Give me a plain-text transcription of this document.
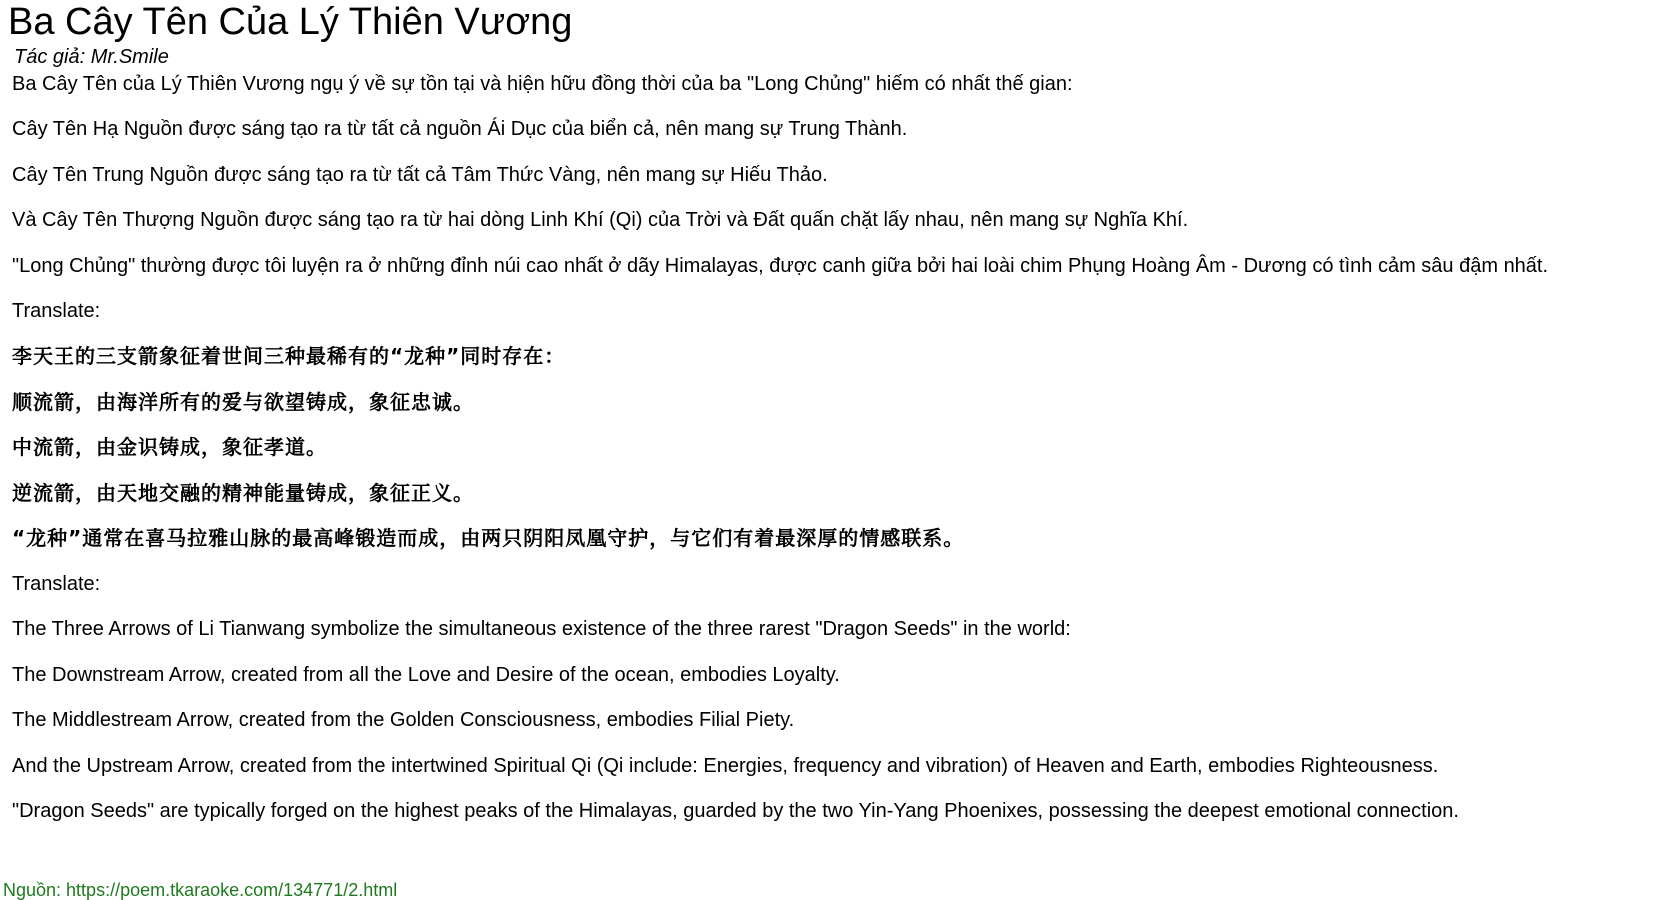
Ba Cây Tên Của Lý Thiên Vương
Tác giả: Mr.Smile

Ba Cây Tên của Lý Thiên Vương ngụ ý về sự tồn tại và hiện hữu đồng thời của ba "Long Chủng" hiếm có nhất thế gian:

Cây Tên Hạ Nguồn được sáng tạo ra từ tất cả nguồn Ái Dục của biển cả, nên mang sự Trung Thành.

Cây Tên Trung Nguồn được sáng tạo ra từ tất cả Tâm Thức Vàng, nên mang sự Hiếu Thảo.

Và Cây Tên Thượng Nguồn được sáng tạo ra từ hai dòng Linh Khí (Qi) của Trời và Đất quấn chặt lấy nhau, nên mang sự Nghĩa Khí.

"Long Chủng" thường được tôi luyện ra ở những đỉnh núi cao nhất ở dãy Himalayas, được canh giữa bởi hai loài chim Phụng Hoàng Âm - Dương có tình cảm sâu đậm nhất.

Translate:

李天王的三支箭象征着世间三种最稀有的“龙种”同时存在：

顺流箭，由海洋所有的爱与欲望铸成，象征忠诚。

中流箭，由金识铸成，象征孝道。

逆流箭，由天地交融的精神能量铸成，象征正义。

“龙种”通常在喜马拉雅山脉的最高峰锻造而成，由两只阴阳凤凰守护，与它们有着最深厚的情感联系。

Translate:

The Three Arrows of Li Tianwang symbolize the simultaneous existence of the three rarest "Dragon Seeds" in the world:

The Downstream Arrow, created from all the Love and Desire of the ocean, embodies Loyalty.

The Middlestream Arrow, created from the Golden Consciousness, embodies Filial Piety.

And the Upstream Arrow, created from the intertwined Spiritual Qi (Qi include: Energies, frequency and vibration) of Heaven and Earth, embodies Righteousness.

"Dragon Seeds" are typically forged on the highest peaks of the Himalayas, guarded by the two Yin-Yang Phoenixes, possessing the deepest emotional connection.

Nguồn: https://poem.tkaraoke.com/134771/2.html
